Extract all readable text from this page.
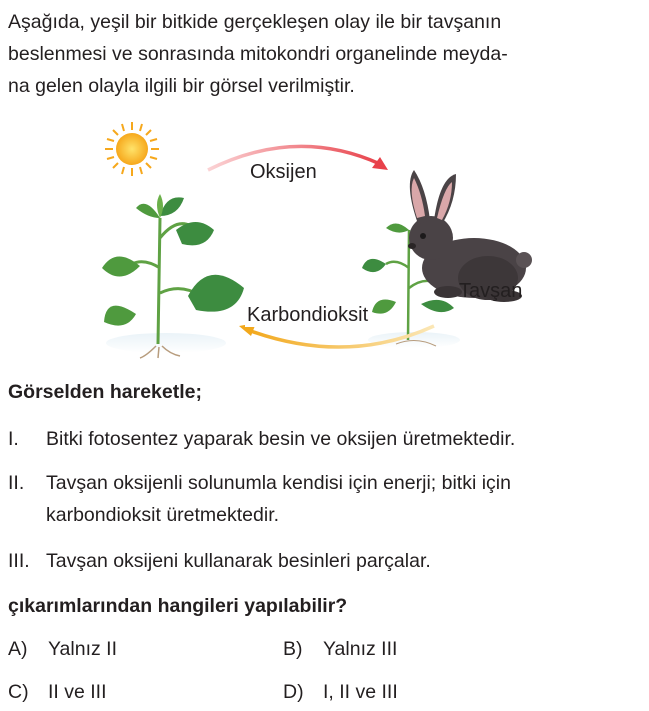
Aşağıda, yeşil bir bitkide gerçekleşen olay ile bir tavşanın
beslenmesi ve sonrasında mitokondri organelinde meyda-
na gelen olayla ilgili bir görsel verilmiştir.
Oksijen
Karbondioksit
Tavşan
Görselden hareketle;
I. Bitki fotosentez yaparak besin ve oksijen üretmektedir.
II. Tavşan oksijenli solunumla kendisi için enerji; bitki için
karbondioksit üretmektedir.
III. Tavşan oksijeni kullanarak besinleri parçalar.
çıkarımlarından hangileri yapılabilir?
A) Yalnız II	B) Yalnız III
C) II ve III	D) I, II ve III
